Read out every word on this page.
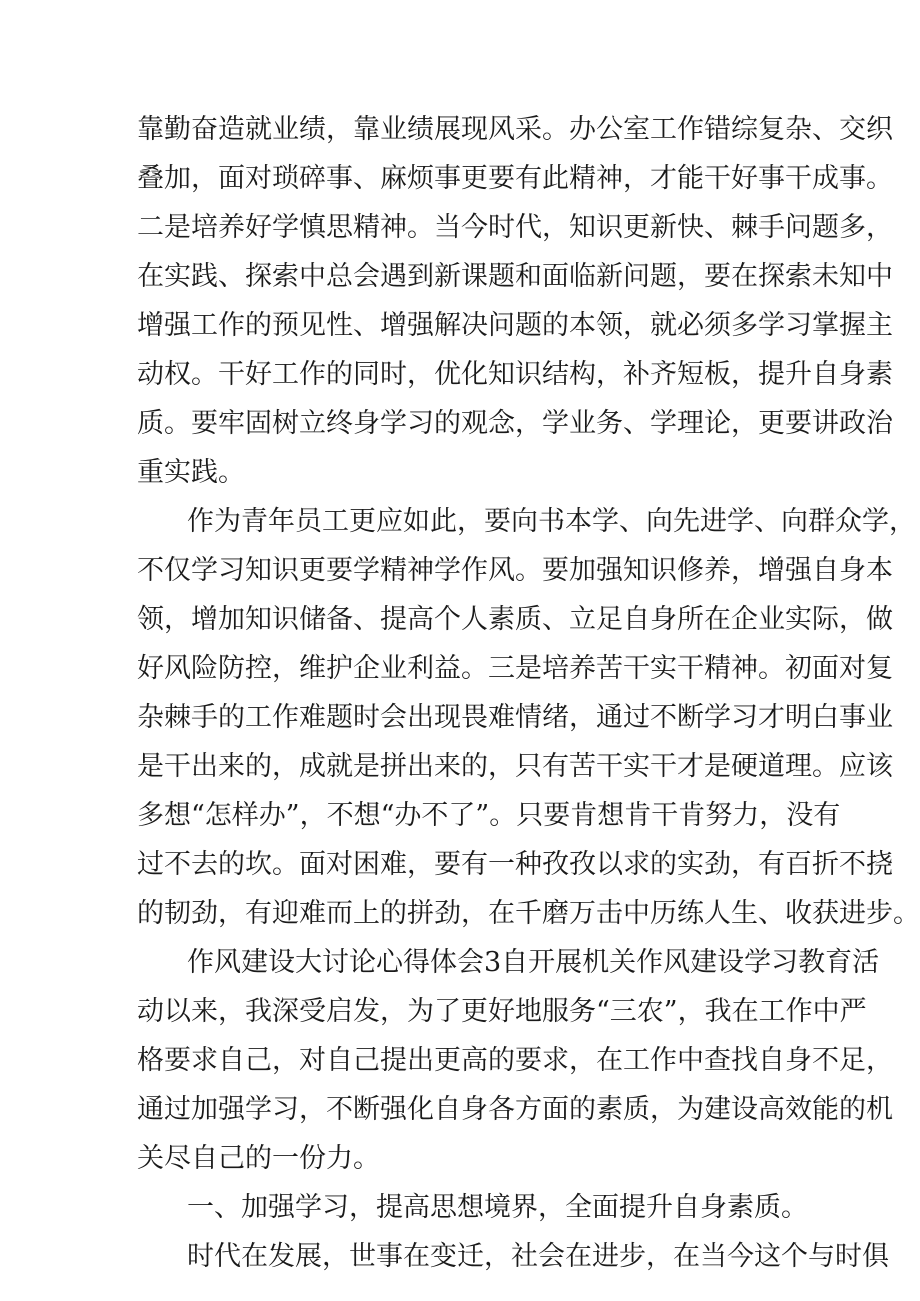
靠勤奋造就业绩，靠业绩展现风采。办公室工作错综复杂、交织
叠加，面对琐碎事、麻烦事更要有此精神，才能干好事干成事。
二是培养好学慎思精神。当今时代，知识更新快、棘手问题多，
在实践、探索中总会遇到新课题和面临新问题，要在探索未知中
增强工作的预见性、增强解决问题的本领，就必须多学习掌握主
动权。干好工作的同时，优化知识结构，补齐短板，提升自身素
质。要牢固树立终身学习的观念，学业务、学理论，更要讲政治
重实践。
作为青年员工更应如此，要向书本学、向先进学、向群众学，
不仅学习知识更要学精神学作风。要加强知识修养，增强自身本
领，增加知识储备、提高个人素质、立足自身所在企业实际，做
好风险防控，维护企业利益。三是培养苦干实干精神。初面对复
杂棘手的工作难题时会出现畏难情绪，通过不断学习才明白事业
是干出来的，成就是拼出来的，只有苦干实干才是硬道理。应该
多想“怎样办”，不想“办不了”。只要肯想肯干肯努力，没有
过不去的坎。面对困难，要有一种孜孜以求的实劲，有百折不挠
的韧劲，有迎难而上的拼劲，在千磨万击中历练人生、收获进步。
作风建设大讨论心得体会3自开展机关作风建设学习教育活
动以来，我深受启发，为了更好地服务“三农”，我在工作中严
格要求自己，对自己提出更高的要求，在工作中查找自身不足，
通过加强学习，不断强化自身各方面的素质，为建设高效能的机
关尽自己的一份力。
一、加强学习，提高思想境界，全面提升自身素质。
时代在发展，世事在变迁，社会在进步，在当今这个与时俱
